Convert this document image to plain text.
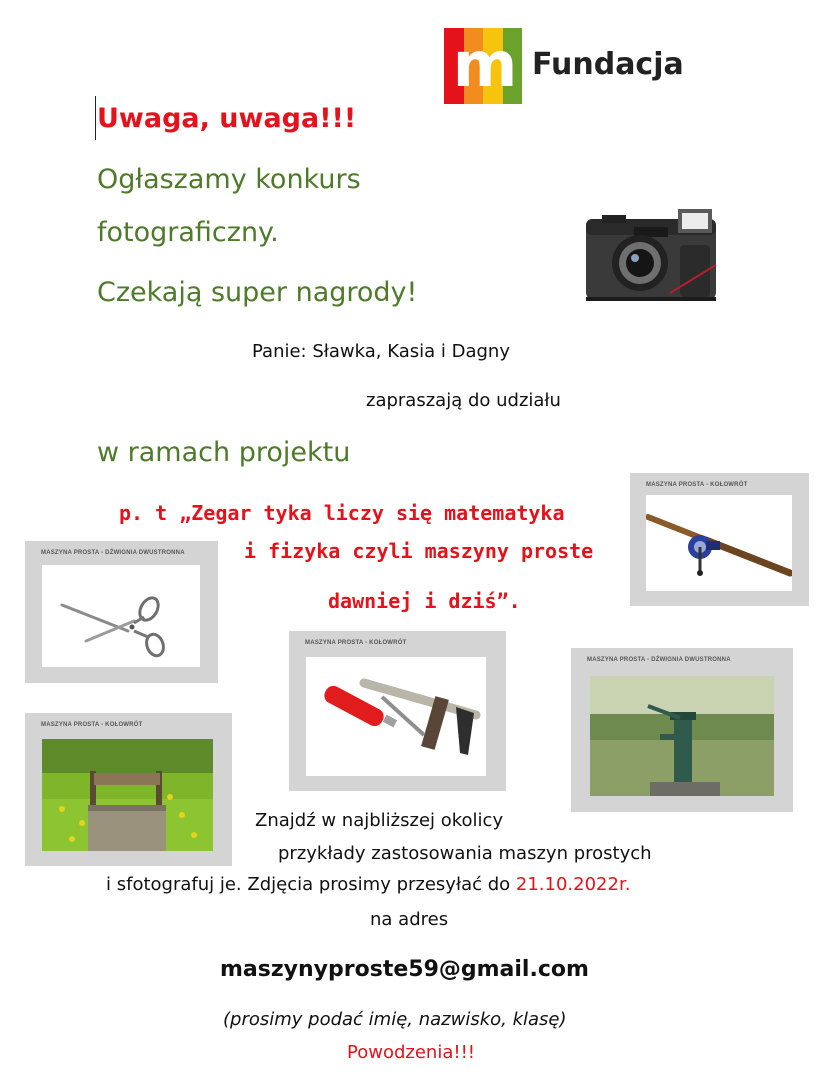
m Fundacja
Uwaga, uwaga!!!
Ogłaszamy konkurs
fotograficzny.
Czekają super nagrody!
Panie: Sławka, Kasia i Dagny
zapraszają do udziału
w ramach projektu
p. t „Zegar tyka liczy się matematyka
i fizyka czyli maszyny proste
dawniej i dziś”.
MASZYNA PROSTA - KOŁOWRÓT
MASZYNA PROSTA - DŹWIGNIA DWUSTRONNA
MASZYNA PROSTA - KOŁOWRÓT
MASZYNA PROSTA - DŹWIGNIA DWUSTRONNA
MASZYNA PROSTA - KOŁOWRÓT
Znajdź w najbliższej okolicy
przykłady zastosowania maszyn prostych
i sfotografuj je. Zdjęcia prosimy przesyłać do 21.10.2022r.
na adres
maszynyproste59@gmail.com
(prosimy podać imię, nazwisko, klasę)
Powodzenia!!!
